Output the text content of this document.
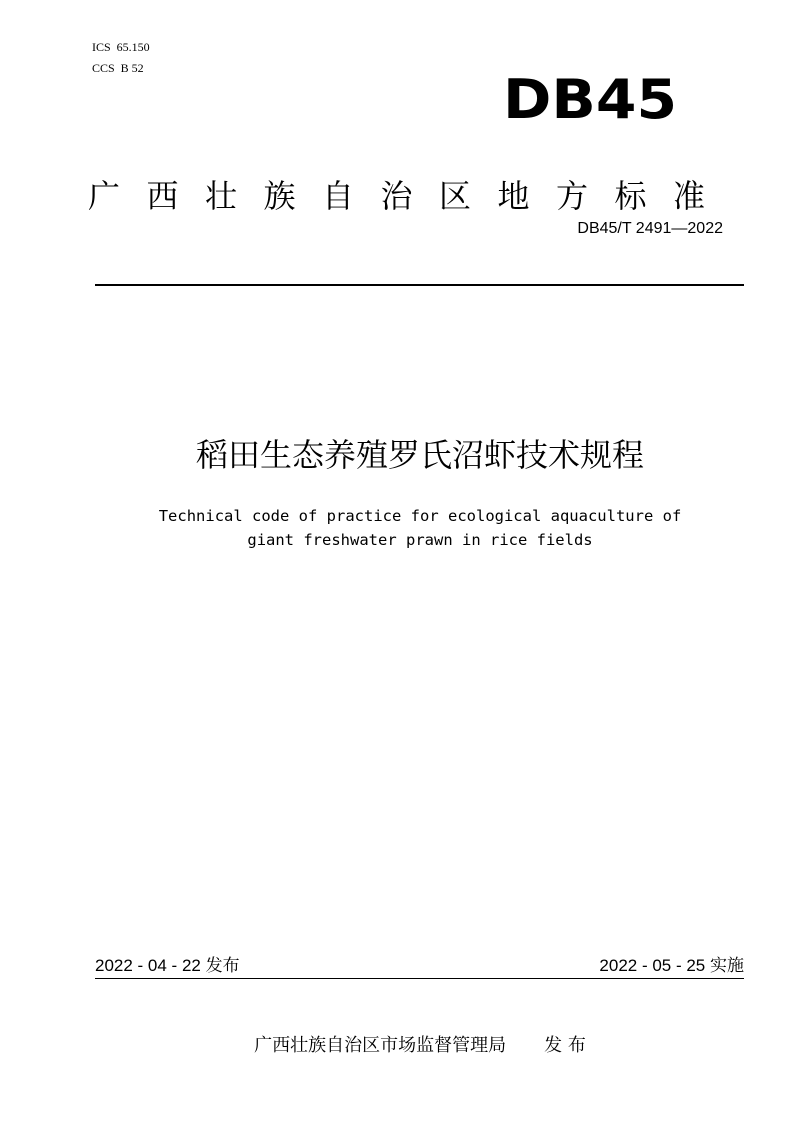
ICS  65.150
CCS  B 52	DB45
广西壮族自治区地方标准
DB45/T 2491—2022
稻田生态养殖罗氏沼虾技术规程
Technical code of practice for ecological aquaculture of
giant freshwater prawn in rice fields
2022 - 04 - 22 发布	2022 - 05 - 25 实施
广西壮族自治区市场监督管理局 发 布
